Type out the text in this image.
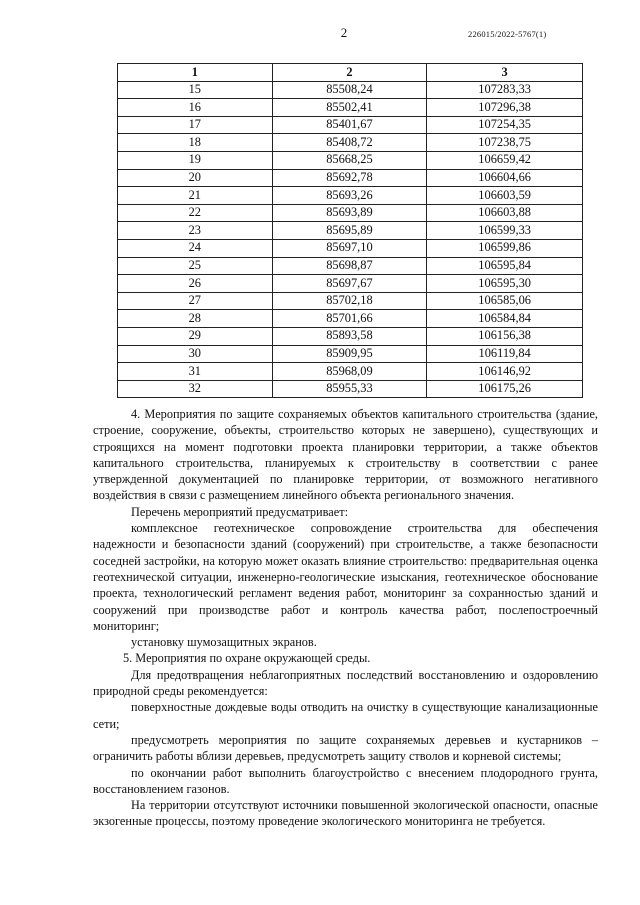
2	226015/2022-5767(1)
1	2	3
15	85508,24	107283,33
16	85502,41	107296,38
17	85401,67	107254,35
18	85408,72	107238,75
19	85668,25	106659,42
20	85692,78	106604,66
21	85693,26	106603,59
22	85693,89	106603,88
23	85695,89	106599,33
24	85697,10	106599,86
25	85698,87	106595,84
26	85697,67	106595,30
27	85702,18	106585,06
28	85701,66	106584,84
29	85893,58	106156,38
30	85909,95	106119,84
31	85968,09	106146,92
32	85955,33	106175,26

4. Мероприятия по защите сохраняемых объектов капитального строительства (здание, строение, сооружение, объекты, строительство которых не завершено), существующих и строящихся на момент подготовки проекта планировки территории, а также объектов капитального строительства, планируемых к строительству в соответствии с ранее утвержденной документацией по планировке территории, от возможного негативного воздействия в связи с размещением линейного объекта регионального значения.

Перечень мероприятий предусматривает:

комплексное геотехническое сопровождение строительства для обеспечения надежности и безопасности зданий (сооружений) при строительстве, а также безопасности соседней застройки, на которую может оказать влияние строительство: предварительная оценка геотехнической ситуации, инженерно-геологические изыскания, геотехническое обоснование проекта, технологический регламент ведения работ, мониторинг за сохранностью зданий и сооружений при производстве работ и контроль качества работ, послепостроечный мониторинг;

установку шумозащитных экранов.

5. Мероприятия по охране окружающей среды.

Для предотвращения неблагоприятных последствий восстановлению и оздоровлению природной среды рекомендуется:

поверхностные дождевые воды отводить на очистку в существующие канализационные сети;

предусмотреть мероприятия по защите сохраняемых деревьев и кустарников – ограничить работы вблизи деревьев, предусмотреть защиту стволов и корневой системы;

по окончании работ выполнить благоустройство с внесением плодородного грунта, восстановлением газонов.

На территории отсутствуют источники повышенной экологической опасности, опасные экзогенные процессы, поэтому проведение экологического мониторинга не требуется.
